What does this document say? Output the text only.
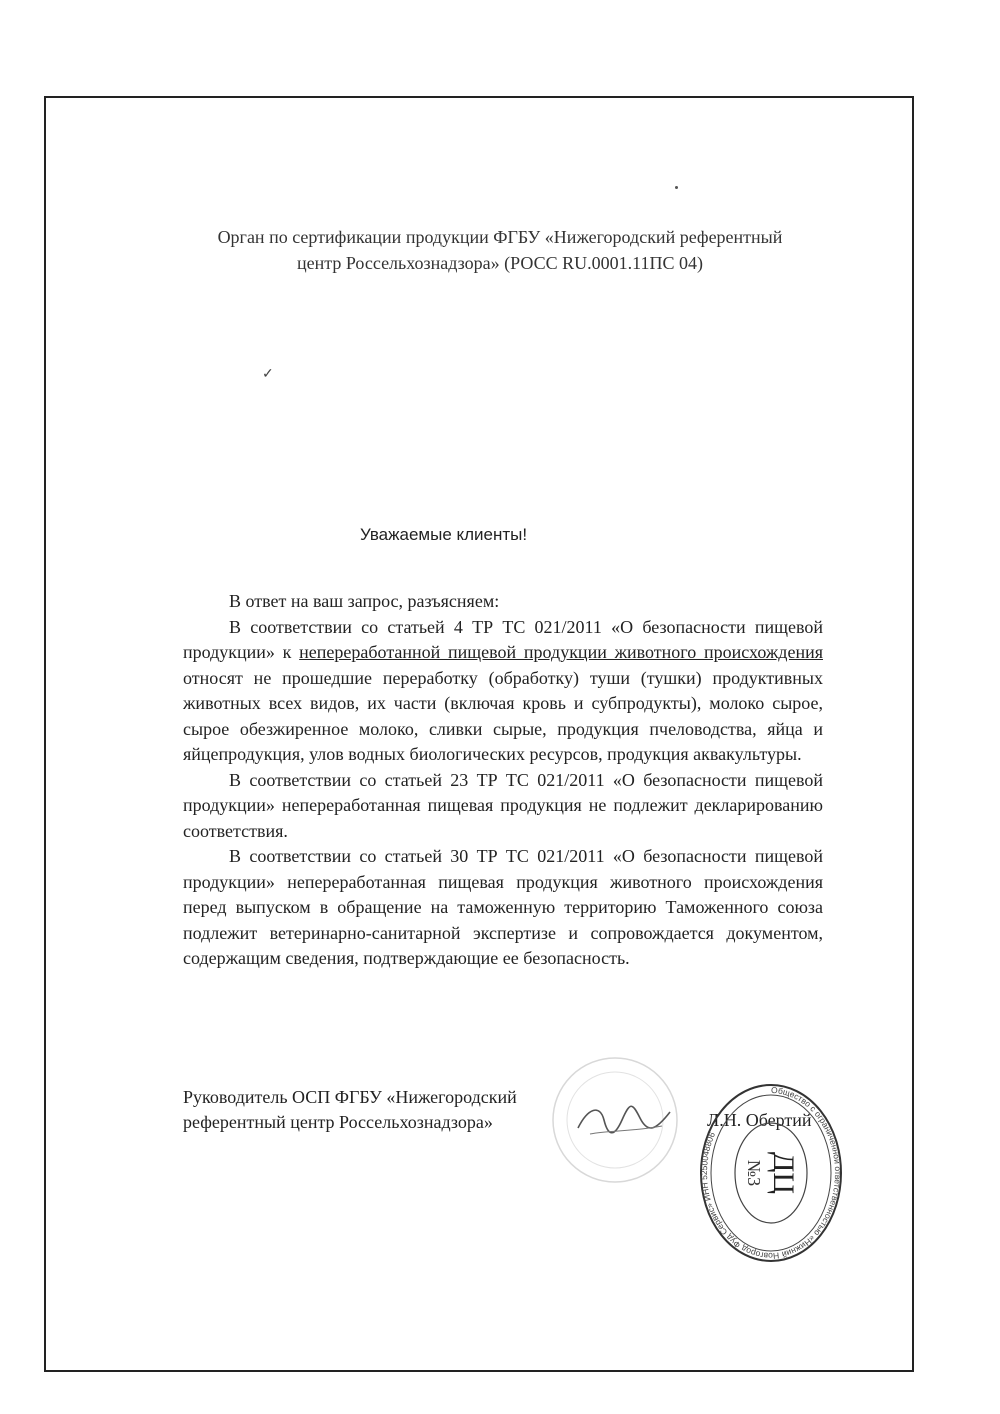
Орган по сертификации продукции ФГБУ «Нижегородский референтный
центр Россельхознадзора» (РОСС RU.0001.11ПС 04)
✓
Уважаемые клиенты!

В ответ на ваш запрос, разъясняем:

В соответствии со статьей 4 ТР ТС 021/2011 «О безопасности пищевой продукции» к непереработанной пищевой продукции животного происхождения относят не прошедшие переработку (обработку) туши (тушки) продуктивных животных всех видов, их части (включая кровь и субпродукты), молоко сырое, сырое обезжиренное молоко, сливки сырые, продукция пчеловодства, яйца и яйцепродукция, улов водных биологических ресурсов, продукция аквакультуры.

В соответствии со статьей 23 ТР ТС 021/2011 «О безопасности пищевой продукции» непереработанная пищевая продукция не подлежит декларированию соответствия.

В соответствии со статьей 30 ТР ТС 021/2011 «О безопасности пищевой продукции» непереработанная пищевая продукция животного происхождения перед выпуском в обращение на таможенную территорию Таможенного союза подлежит ветеринарно-санитарной экспертизе и сопровождается документом, содержащим сведения, подтверждающие ее безопасность.

Руководитель ОСП ФГБУ «Нижегородский
референтный центр Россельхознадзора»	Л.Н. Обертий
ДЦ
№3
Общество с ограниченной ответственностью «Нижний Новгород Фуд Сервис» ИНН 5250048806
